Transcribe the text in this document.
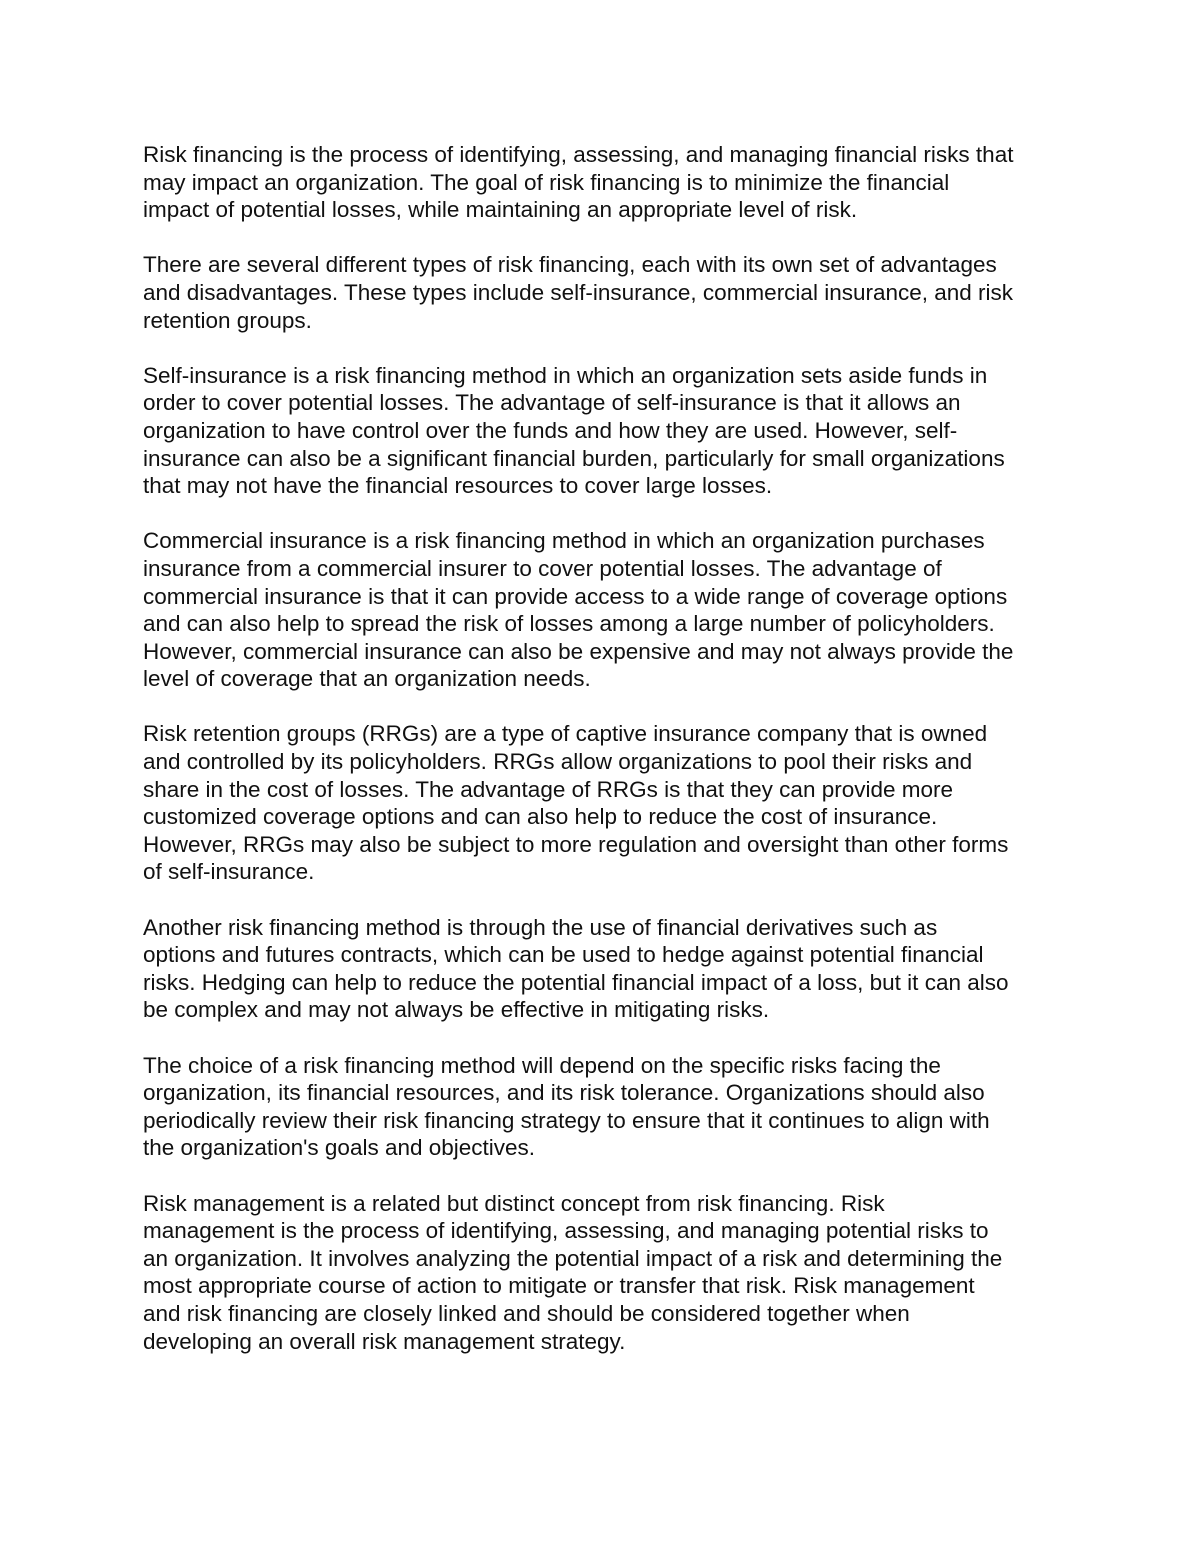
Risk financing is the process of identifying, assessing, and managing financial risks that
may impact an organization. The goal of risk financing is to minimize the financial
impact of potential losses, while maintaining an appropriate level of risk.
There are several different types of risk financing, each with its own set of advantages
and disadvantages. These types include self-insurance, commercial insurance, and risk
retention groups.
Self-insurance is a risk financing method in which an organization sets aside funds in
order to cover potential losses. The advantage of self-insurance is that it allows an
organization to have control over the funds and how they are used. However, self-
insurance can also be a significant financial burden, particularly for small organizations
that may not have the financial resources to cover large losses.
Commercial insurance is a risk financing method in which an organization purchases
insurance from a commercial insurer to cover potential losses. The advantage of
commercial insurance is that it can provide access to a wide range of coverage options
and can also help to spread the risk of losses among a large number of policyholders.
However, commercial insurance can also be expensive and may not always provide the
level of coverage that an organization needs.
Risk retention groups (RRGs) are a type of captive insurance company that is owned
and controlled by its policyholders. RRGs allow organizations to pool their risks and
share in the cost of losses. The advantage of RRGs is that they can provide more
customized coverage options and can also help to reduce the cost of insurance.
However, RRGs may also be subject to more regulation and oversight than other forms
of self-insurance.
Another risk financing method is through the use of financial derivatives such as
options and futures contracts, which can be used to hedge against potential financial
risks. Hedging can help to reduce the potential financial impact of a loss, but it can also
be complex and may not always be effective in mitigating risks.
The choice of a risk financing method will depend on the specific risks facing the
organization, its financial resources, and its risk tolerance. Organizations should also
periodically review their risk financing strategy to ensure that it continues to align with
the organization's goals and objectives.
Risk management is a related but distinct concept from risk financing. Risk
management is the process of identifying, assessing, and managing potential risks to
an organization. It involves analyzing the potential impact of a risk and determining the
most appropriate course of action to mitigate or transfer that risk. Risk management
and risk financing are closely linked and should be considered together when
developing an overall risk management strategy.
